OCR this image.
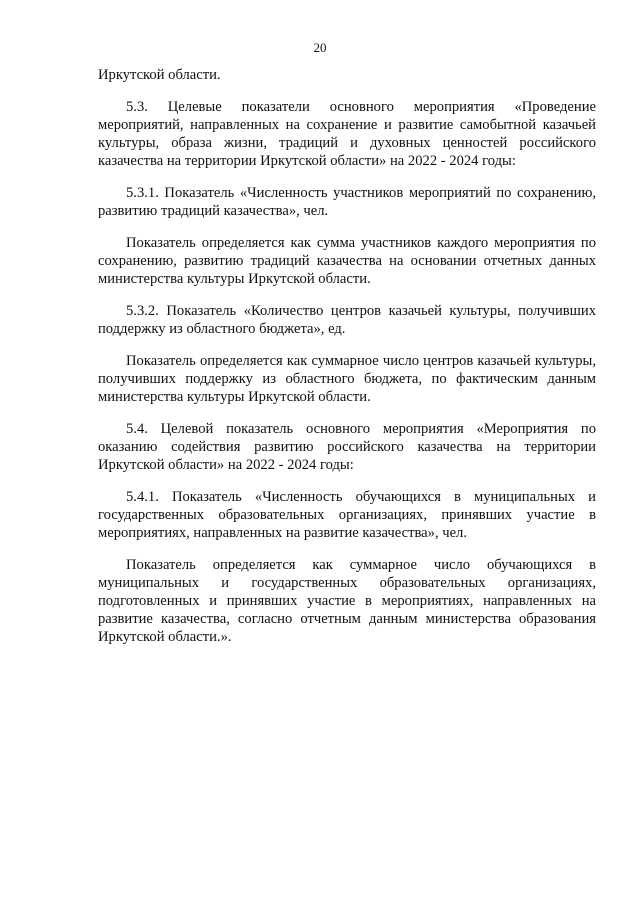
20

Иркутской области.

5.3. Целевые показатели основного мероприятия «Проведение мероприятий, направленных на сохранение и развитие самобытной казачьей культуры, образа жизни, традиций и духовных ценностей российского казачества на территории Иркутской области» на 2022 - 2024 годы:

5.3.1. Показатель «Численность участников мероприятий по сохранению, развитию традиций казачества», чел.

Показатель определяется как сумма участников каждого мероприятия по сохранению, развитию традиций казачества на основании отчетных данных министерства культуры Иркутской области.

5.3.2. Показатель «Количество центров казачьей культуры, получивших поддержку из областного бюджета», ед.

Показатель определяется как суммарное число центров казачьей культуры, получивших поддержку из областного бюджета, по фактическим данным министерства культуры Иркутской области.

5.4. Целевой показатель основного мероприятия «Мероприятия по оказанию содействия развитию российского казачества на территории Иркутской области» на 2022 - 2024 годы:

5.4.1. Показатель «Численность обучающихся в муниципальных и государственных образовательных организациях, принявших участие в мероприятиях, направленных на развитие казачества», чел.

Показатель определяется как суммарное число обучающихся в муниципальных и государственных образовательных организациях, подготовленных и принявших участие в мероприятиях, направленных на развитие казачества, согласно отчетным данным министерства образования Иркутской области.».
